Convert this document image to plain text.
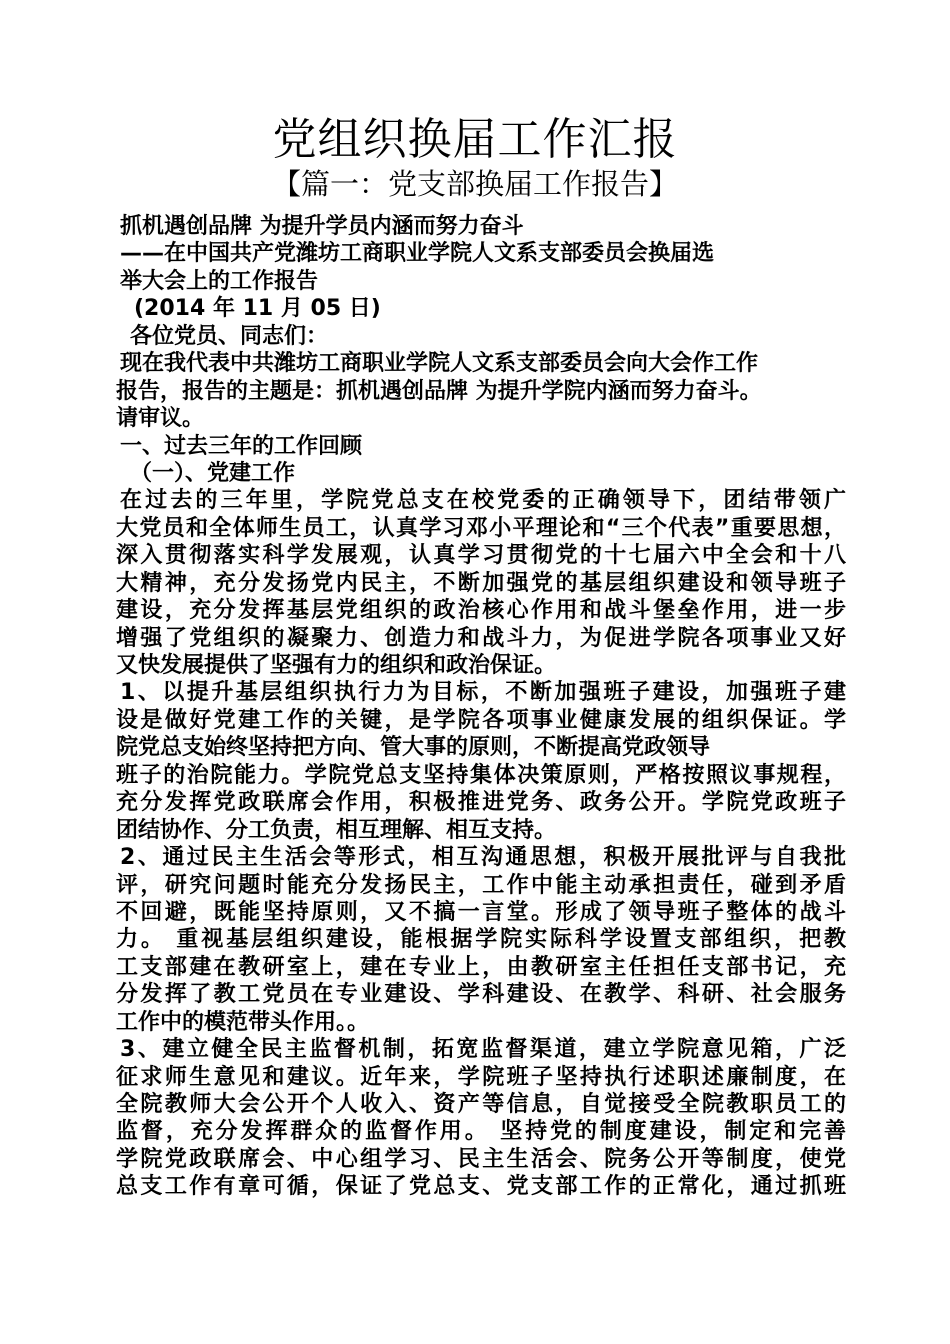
党组织换届工作汇报
【篇一：党支部换届工作报告】
抓机遇创品牌 为提升学员内涵而努力奋斗
——在中国共产党潍坊工商职业学院人文系支部委员会换届选
举大会上的工作报告
(2014 年 11 月 05 日)
各位党员、同志们：
现在我代表中共潍坊工商职业学院人文系支部委员会向大会作工作
报告，报告的主题是：抓机遇创品牌 为提升学院内涵而努力奋斗。
请审议。
一、过去三年的工作回顾
（一）、党建工作
在过去的三年里，学院党总支在校党委的正确领导下，团结带领广
大党员和全体师生员工，认真学习邓小平理论和“三个代表”重要思想，
深入贯彻落实科学发展观，认真学习贯彻党的十七届六中全会和十八
大精神，充分发扬党内民主，不断加强党的基层组织建设和领导班子
建设，充分发挥基层党组织的政治核心作用和战斗堡垒作用，进一步
增强了党组织的凝聚力、创造力和战斗力，为促进学院各项事业又好
又快发展提供了坚强有力的组织和政治保证。
1、以提升基层组织执行力为目标，不断加强班子建设，加强班子建
设是做好党建工作的关键，是学院各项事业健康发展的组织保证。学
院党总支始终坚持把方向、管大事的原则，不断提高党政领导
班子的治院能力。学院党总支坚持集体决策原则，严格按照议事规程，
充分发挥党政联席会作用，积极推进党务、政务公开。学院党政班子
团结协作、分工负责，相互理解、相互支持。
2、通过民主生活会等形式，相互沟通思想，积极开展批评与自我批
评，研究问题时能充分发扬民主，工作中能主动承担责任，碰到矛盾
不回避，既能坚持原则，又不搞一言堂。形成了领导班子整体的战斗
力。 重视基层组织建设，能根据学院实际科学设置支部组织，把教
工支部建在教研室上，建在专业上，由教研室主任担任支部书记，充
分发挥了教工党员在专业建设、学科建设、在教学、科研、社会服务
工作中的模范带头作用。。
3、建立健全民主监督机制，拓宽监督渠道，建立学院意见箱，广泛
征求师生意见和建议。近年来，学院班子坚持执行述职述廉制度，在
全院教师大会公开个人收入、资产等信息，自觉接受全院教职员工的
监督，充分发挥群众的监督作用。 坚持党的制度建设，制定和完善
学院党政联席会、中心组学习、民主生活会、院务公开等制度，使党
总支工作有章可循，保证了党总支、党支部工作的正常化，通过抓班
